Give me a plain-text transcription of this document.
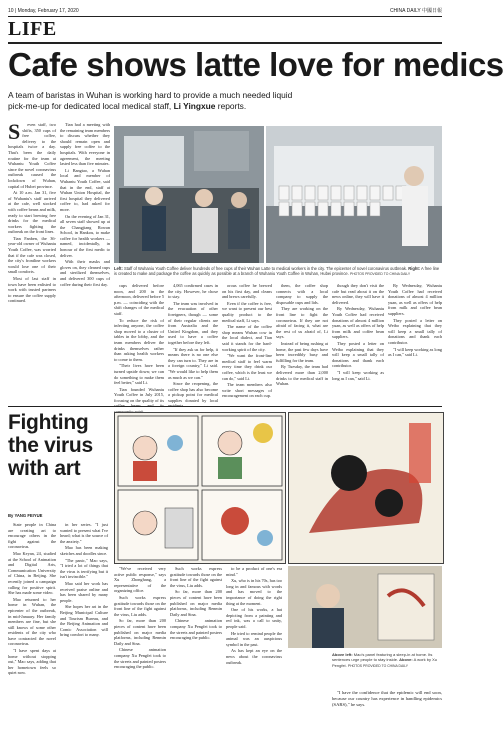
10 | Monday, February 17, 2020	CHINA DAILY 中國日報
LIFE
Cafe shows latte love for medics
A team of baristas in Wuhan is working hard to provide a much needed liquid pick-me-up for dedicated local medical staff, Li Yingxue reports.
S	even staff, two shifts, 350 cups of free coffee, delivery to the hospitals twice a day. That's been the daily routine for the team at Wuhaniu Youth Coffee since the novel coronavirus outbreak caused the lockdown of Wuhan, capital of Hubei province.

At 10 a.m. Jan 31, five of Wuhaniu's staff arrived at the cafe, well stocked with coffee beans and milk, ready to start brewing free drinks for the medical workers fighting the outbreak on the front lines.

Tian Fanben, the 36-year-old owner of Wuhaniu Youth Coffee, was worried that if the cafe was closed, the city's frontline workers would lose one of their small comforts.

Most of last staff in town have been enlisted to work with trusted partners to ensure the coffee supply continued.

Tian had a meeting with the remaining team members to discuss whether they should remain open and supply free coffee to the hospitals. With everyone in agreement, the meeting lasted less than five minutes.

Li Bangtao, a Wuhan local and member of Wuhaniu Youth Coffee, said that in the end, staff at Wuhan Union Hospital, the first hospital they delivered coffee to, had asked for more.

On the evening of Jan 31, all seven staff showed up at the Changjiang Rowan School, in Hankou, to make coffee for health workers — named, incidentally, in honour of the first medic to deliver.

With their masks and gloves on, they cleaned cups and sterilized themselves, and delivered 300 cups of coffee during their first day.

Left: Staff of Wuhaniu Youth Coffee deliver hundreds of free cups of their Wuhan Latte to medical workers in the city. The epicenter of novel coronavirus outbreak. Right: A free line is created to make and package the coffee as quickly as possible at a branch of Wuhaniu Youth Coffee in Wuhan, Hubei province. PHOTOS PROVIDED TO CHINA DAILY

cups delivered before noon, and 200 in the afternoon, delivered before 5 p.m. — coinciding with the shift changes of the medical staff.

To reduce the risk of infecting anyone, the coffee shop moved to a cluster of tables in the lobby, and the team members deliver the drinks themselves rather than asking health workers to come to them.

"Their lives have been turned upside down; we can do something to make them feel better," said Li.

Tian founded Wuhaniu Youth Coffee in July 2015, focusing on the quality of its

4,065 confirmed cases in the city. However, he chose to stay.

The team was involved in the evacuation of other foreigners, though — some of their regular clients are from Australia and the United Kingdom, and they used to have a coffee together before they left.

"If they ask us for help, it means there is no one else they can turn to. They are in a foreign country," Li said. "We would like to help them as much as we can."

Since the reopening, the coffee shop has also become a pickup point for medical supplies donated by local

orous coffee he brewed on his first day, and cleans and brews carefully.

Even if the coffee is free, we want to present our best quality product to the medical staff, Li says.

The name of the coffee shop means Wuhan cow in the local dialect, and Tian said it stands for the hard-working spirit of the city.

"We want the front-line medical staff to feel warm every time they drink our coffee, which is the least we can do," said Li.

The team members also write short messages of encouragement on each cup.

them, the coffee shop connects with a local company to supply the disposable cups and lids.

They are working on the front line to fight the coronavirus. If they are not afraid of facing it, what are the rest of us afraid of, Li says.

Instead of being rushing at home, the past few days have been incredibly busy and fulfilling for the team.

By Tuesday, the team had delivered more than 2,000 drinks to the medical staff in Wuhan.

though they don't visit the cafe but read about it on the news online, they will have it delivered.

By Wednesday, Wuhaniu Youth Coffee had received donations of almost 4 million yuan, as well as offers of help from milk and coffee bean suppliers.

They posted a letter on Weibo explaining that they will keep a small tally of donations and thank each contributor.

"I will keep working as long as I can," said Li.

By Wednesday, Wuhaniu Youth Coffee had received donations of almost 4 million yuan, as well as offers of help from milk and coffee bean suppliers.

They posted a letter on Weibo explaining that they will keep a small tally of donations and thank each contributor.

"I will keep working as long as I can," said Li.

Fighting the virus with art
By YANG FEIYUE

State people in China are creating art to encourage others in the fight against the coronavirus.

Mao Keyan, 24, studied at the School of Animation and Digital Arts, Communication University of China, in Beijing. She recently joined a campaign calling for positive spirit. She has made some video.

Mao returned to her home in Wuhan, the epicenter of the outbreak, in mid-January. Her family members are fine, but she still knows of some other residents of the city who have contracted the novel coronavirus.

"I have spent days at home without stopping out," Mao says, adding that her hometown feels so quiet now.

in her series. "I just wanted to present what I've heard; what is the source of the anxiety."

Mao has been making sketches and doodles since.

"The panic," Mao says, "I tried a lot of things that the virus is terrifying but it isn't invincible."

Mao said her work has received praise online and has been shared by many people.

She hopes her art in the Beijing Municipal Culture and Tourism Bureau, and the Beijing Animation and Comic Association will bring comfort to many.

"We've received very active public response," says Xu Zhonghang, a representative of the organizing office.

Such works express gratitude towards those on the front line of the fight against the virus, Liu adds.

So far, more than 200 pieces of content have been published on major media platforms, including Renmin Daily and Sina.

Chinese animation company Xu Pengfei took to the streets and painted posters encouraging the public.

Such works express gratitude towards those on the front line of the fight against the virus, Liu adds.

So far, more than 200 pieces of content have been published on major media platforms, including Renmin Daily and Sina.

Chinese animation company Xu Pengfei took to the streets and painted posters encouraging the public.

to be a product of one's era mind."

Xu, who is in his 70s, has too long in and famous with words and has moved to the importance of doing the right thing at the moment.

One of his works, a hat depicting from a painting and red ink, was a call to unity, people said.

He tried to remind people the animal was an auspicious symbol in the past.

As has kept an eye on the news about the coronavirus outbreak.

Above left: Mao's panel featuring a sleep-in at home. Its sentences urge people to stay inside. Above: A work by Xu Pengfei. PHOTOS PROVIDED TO CHINA DAILY

"I have the confidence that the epidemic will end soon, because our country has experience in handling epidemics (SARS)," he says.
